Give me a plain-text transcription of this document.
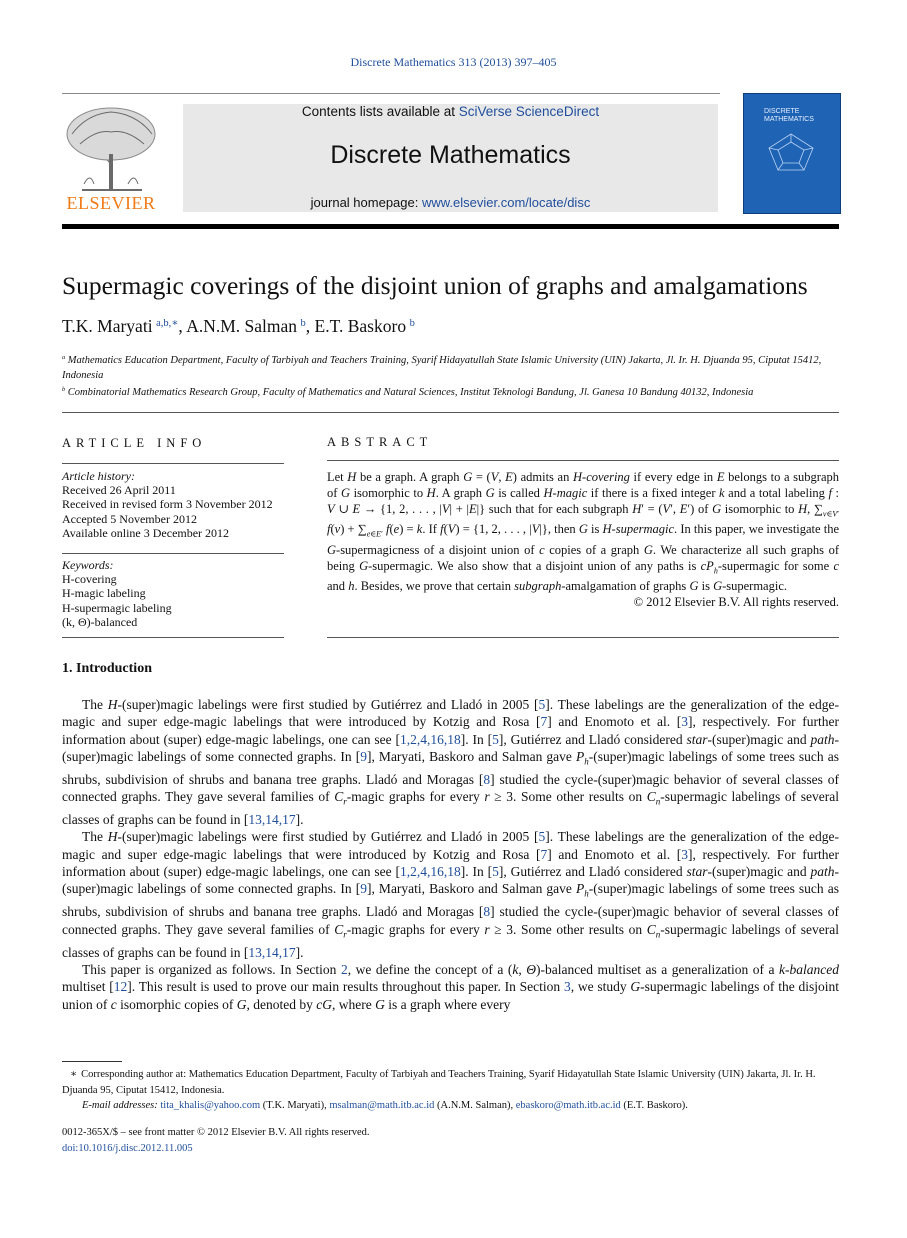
Discrete Mathematics 313 (2013) 397–405
ELSEVIER
Contents lists available at SciVerse ScienceDirect
Discrete Mathematics
journal homepage: www.elsevier.com/locate/disc
DISCRETE MATHEMATICS
Supermagic coverings of the disjoint union of graphs and amalgamations
T.K. Maryati  $^{a,b,∗}$, A.N.M. Salman  $^b$, E.T. Baskoro  $^b$
$^a$ Mathematics Education Department, Faculty of Tarbiyah and Teachers Training, Syarif Hidayatullah State Islamic University (UIN) Jakarta, Jl. Ir. H. Djuanda 95, Ciputat 15412, Indonesia
$^b$ Combinatorial Mathematics Research Group, Faculty of Mathematics and Natural Sciences, Institut Teknologi Bandung, Jl. Ganesa 10 Bandung 40132, Indonesia
ARTICLE INFO
Article history:
Received 26 April 2011
Received in revised form 3 November 2012
Accepted 5 November 2012
Available online 3 December 2012
Keywords:
H-covering
H-magic labeling
H-supermagic labeling
(k, Θ)-balanced
ABSTRACT
Let H be a graph. A graph G = (V, E) admits an H-covering if every edge in E belongs to a subgraph of G isomorphic to H. A graph G is called H-magic if there is a fixed integer k and a total labeling f : V ∪ E → {1, 2, . . . , |V| + |E|} such that for each subgraph H′ = (V′, E′) of G isomorphic to H, $\sum_{v\in V'}$ $f(v) + \sum_{e\in E'}$ f(e) = k. If f(V) = {1, 2, . . . , |V|}, then G is H-supermagic. In this paper, we investigate the G-supermagicness of a disjoint union of c copies of a graph G. We characterize all such graphs of being G-supermagic. We also show that a disjoint union of any paths is $cP_h$-supermagic for some c and h. Besides, we prove that certain subgraph-amalgamation of graphs G is G-supermagic.
© 2012 Elsevier B.V. All rights reserved.
1. Introduction

The H-(super)magic labelings were first studied by Gutiérrez and Lladó in 2005 [5]. These labelings are the generalization of the edge-magic and super edge-magic labelings that were introduced by Kotzig and Rosa [7] and Enomoto et al. [3], respectively. For further information about (super) edge-magic labelings, one can see [1,2,4,16,18]. In [5], Gutiérrez and Lladó considered star-(super)magic and path-(super)magic labelings of some connected graphs. In [9], Maryati, Baskoro and Salman gave $P_h-(super)magic$ labelings of some trees such as shrubs, subdivision of shrubs and banana tree graphs. Lladó and Moragas [8] studied the cycle-(super)magic behavior of several classes of connected graphs. They gave several families of $C_r$-magic graphs for every r ≥ 3. Some other results on $C_n$-supermagic labelings of several classes of graphs can be found in [13,14,17].

The H-(super)magic labelings were first studied by Gutiérrez and Lladó in 2005 [5]. These labelings are the generalization of the edge-magic and super edge-magic labelings that were introduced by Kotzig and Rosa [7] and Enomoto et al. [3], respectively. For further information about (super) edge-magic labelings, one can see [1,2,4,16,18]. In [5], Gutiérrez and Lladó considered star-(super)magic and path-(super)magic labelings of some connected graphs. In [9], Maryati, Baskoro and Salman gave $P_h-(super)magic$ labelings of some trees such as shrubs, subdivision of shrubs and banana tree graphs. Lladó and Moragas [8] studied the cycle-(super)magic behavior of several classes of connected graphs. They gave several families of $C_r$-magic graphs for every r ≥ 3. Some other results on $C_n$-supermagic labelings of several classes of graphs can be found in [13,14,17].

This paper is organized as follows. In Section 2, we define the concept of a (k, Θ)-balanced multiset as a generalization of a k-balanced multiset [12]. This result is used to prove our main results throughout this paper. In Section 3, we study G-supermagic labelings of the disjoint union of c isomorphic copies of G, denoted by cG, where G is a graph where every

∗ Corresponding author at: Mathematics Education Department, Faculty of Tarbiyah and Teachers Training, Syarif Hidayatullah State Islamic University (UIN) Jakarta, Jl. Ir. H. Djuanda 95, Ciputat 15412, Indonesia.
E-mail addresses: tita_khalis@yahoo.com (T.K. Maryati), msalman@math.itb.ac.id (A.N.M. Salman), ebaskoro@math.itb.ac.id (E.T. Baskoro).
0012-365X/$ – see front matter © 2012 Elsevier B.V. All rights reserved.
doi:10.1016/j.disc.2012.11.005
